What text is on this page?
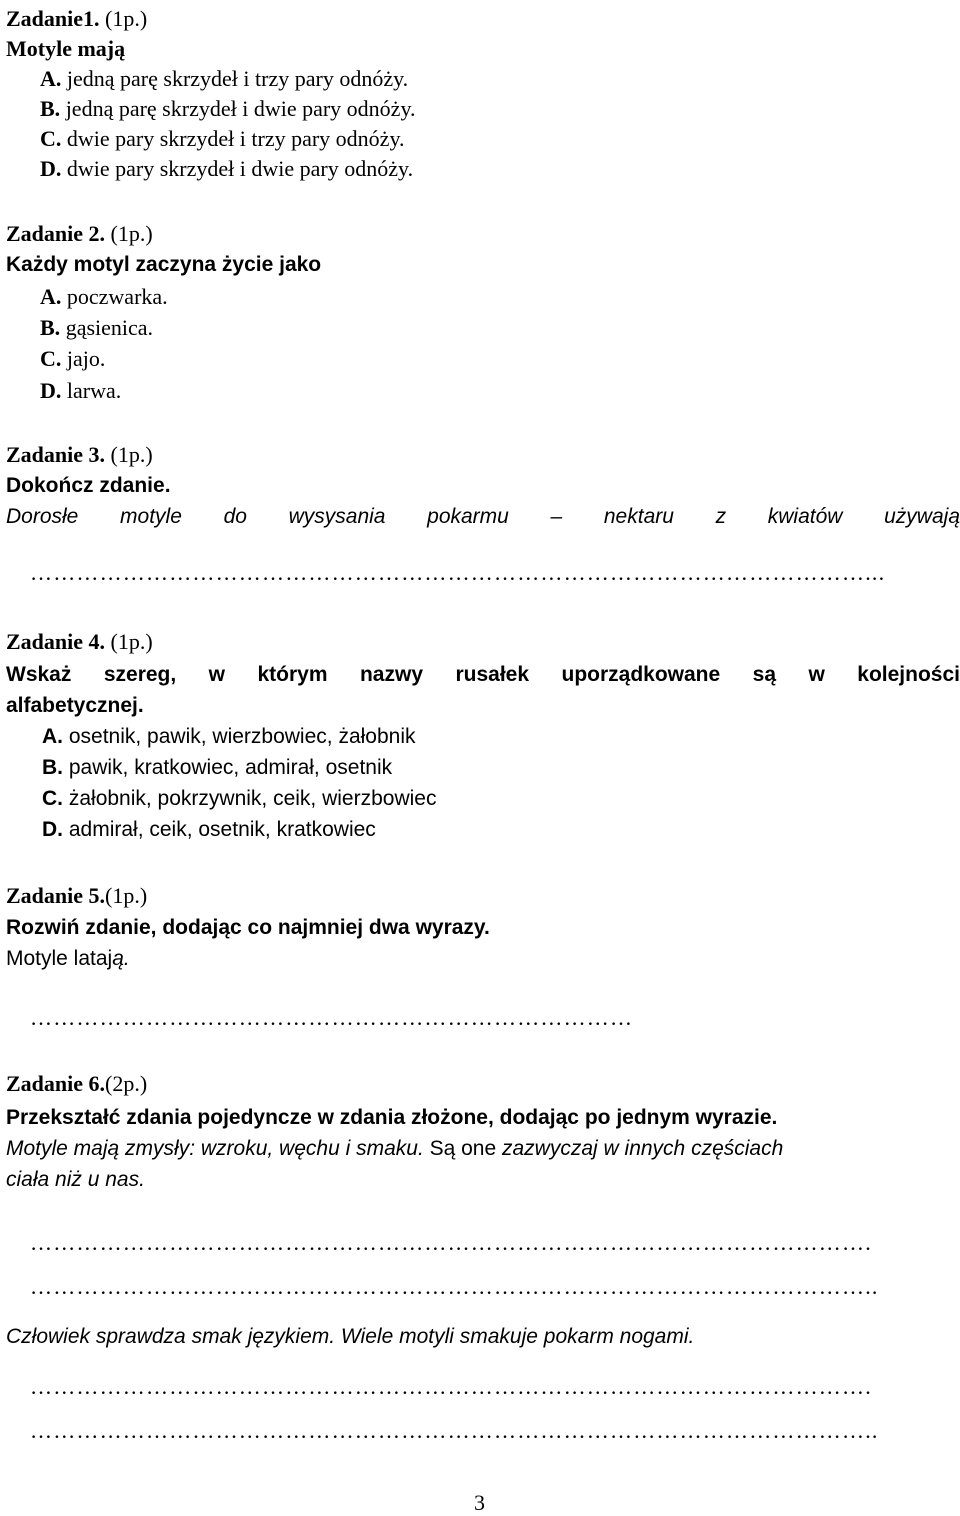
Zadanie1. (1p.)
Motyle mają
A. jedną parę skrzydeł i trzy pary odnóży.
B. jedną parę skrzydeł i dwie pary odnóży.
C. dwie pary skrzydeł i trzy pary odnóży.
D. dwie pary skrzydeł i dwie pary odnóży.
Zadanie 2. (1p.)
Każdy motyl zaczyna życie jako
A. poczwarka.
B. gąsienica.
C. jajo.
D. larwa.
Zadanie 3. (1p.)
Dokończ zdanie.
Dorosłe motyle do wysysania pokarmu – nektaru z kwiatów używają
………………………………………………………………………………………………...
Zadanie 4. (1p.)
Wskaż szereg, w którym nazwy rusałek uporządkowane są w kolejności
alfabetycznej.
A. osetnik, pawik, wierzbowiec, żałobnik
B. pawik, kratkowiec, admirał, osetnik
C. żałobnik, pokrzywnik, ceik, wierzbowiec
D. admirał, ceik, osetnik, kratkowiec
Zadanie 5.(1p.)
Rozwiń zdanie, dodając co najmniej dwa wyrazy.
Motyle latają.
……………………………………………………………………
Zadanie 6.(2p.)
Przekształć zdania pojedyncze w zdania złożone, dodając po jednym wyrazie.
Motyle mają zmysły: wzroku, węchu i smaku. Są one zazwyczaj w innych częściach
ciała niż u nas.
……………………………………………………………………………………………….
………………………………………………………………………………………………..
Człowiek sprawdza smak językiem. Wiele motyli smakuje pokarm nogami.
……………………………………………………………………………………………….
………………………………………………………………………………………………..
3
